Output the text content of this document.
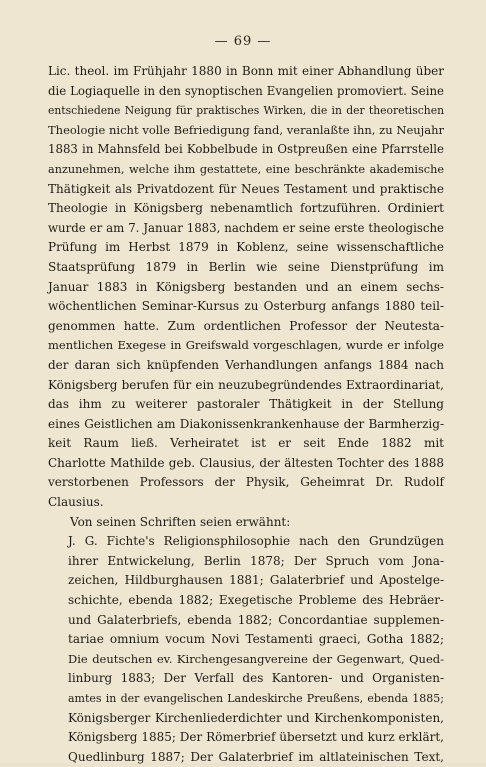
— 69 —
Lic. theol. im Frühjahr 1880 in Bonn mit einer Abhandlung über
die Logiaquelle in den synoptischen Evangelien promoviert. Seine
entschiedene Neigung für praktisches Wirken, die in der theoretischen
Theologie nicht volle Befriedigung fand, veranlaßte ihn, zu Neujahr
1883 in Mahnsfeld bei Kobbelbude in Ostpreußen eine Pfarrstelle
anzunehmen, welche ihm gestattete, eine beschränkte akademische
Thätigkeit als Privatdozent für Neues Testament und praktische
Theologie in Königsberg nebenamtlich fortzuführen. Ordiniert
wurde er am 7. Januar 1883, nachdem er seine erste theologische
Prüfung im Herbst 1879 in Koblenz, seine wissenschaftliche
Staatsprüfung 1879 in Berlin wie seine Dienstprüfung im
Januar 1883 in Königsberg bestanden und an einem sechs-
wöchentlichen Seminar-Kursus zu Osterburg anfangs 1880 teil-
genommen hatte. Zum ordentlichen Professor der Neutesta-
mentlichen Exegese in Greifswald vorgeschlagen, wurde er infolge
der daran sich knüpfenden Verhandlungen anfangs 1884 nach
Königsberg berufen für ein neuzubegründendes Extraordinariat,
das ihm zu weiterer pastoraler Thätigkeit in der Stellung
eines Geistlichen am Diakonissenkrankenhause der Barmherzig-
keit Raum ließ. Verheiratet ist er seit Ende 1882 mit
Charlotte Mathilde geb. Clausius, der ältesten Tochter des 1888
verstorbenen Professors der Physik, Geheimrat Dr. Rudolf
Clausius.
Von seinen Schriften seien erwähnt:
J. G. Fichte's Religionsphilosophie nach den Grundzügen
ihrer Entwickelung, Berlin 1878; Der Spruch vom Jona-
zeichen, Hildburghausen 1881; Galaterbrief und Apostelge-
schichte, ebenda 1882; Exegetische Probleme des Hebräer-
und Galaterbriefs, ebenda 1882; Concordantiae supplemen-
tariae omnium vocum Novi Testamenti graeci, Gotha 1882;
Die deutschen ev. Kirchengesangvereine der Gegenwart, Qued-
linburg 1883; Der Verfall des Kantoren- und Organisten-
amtes in der evangelischen Landeskirche Preußens, ebenda 1885;
Königsberger Kirchenliederdichter und Kirchenkomponisten,
Königsberg 1885; Der Römerbrief übersetzt und kurz erklärt,
Quedlinburg 1887; Der Galaterbrief im altlateinischen Text,
